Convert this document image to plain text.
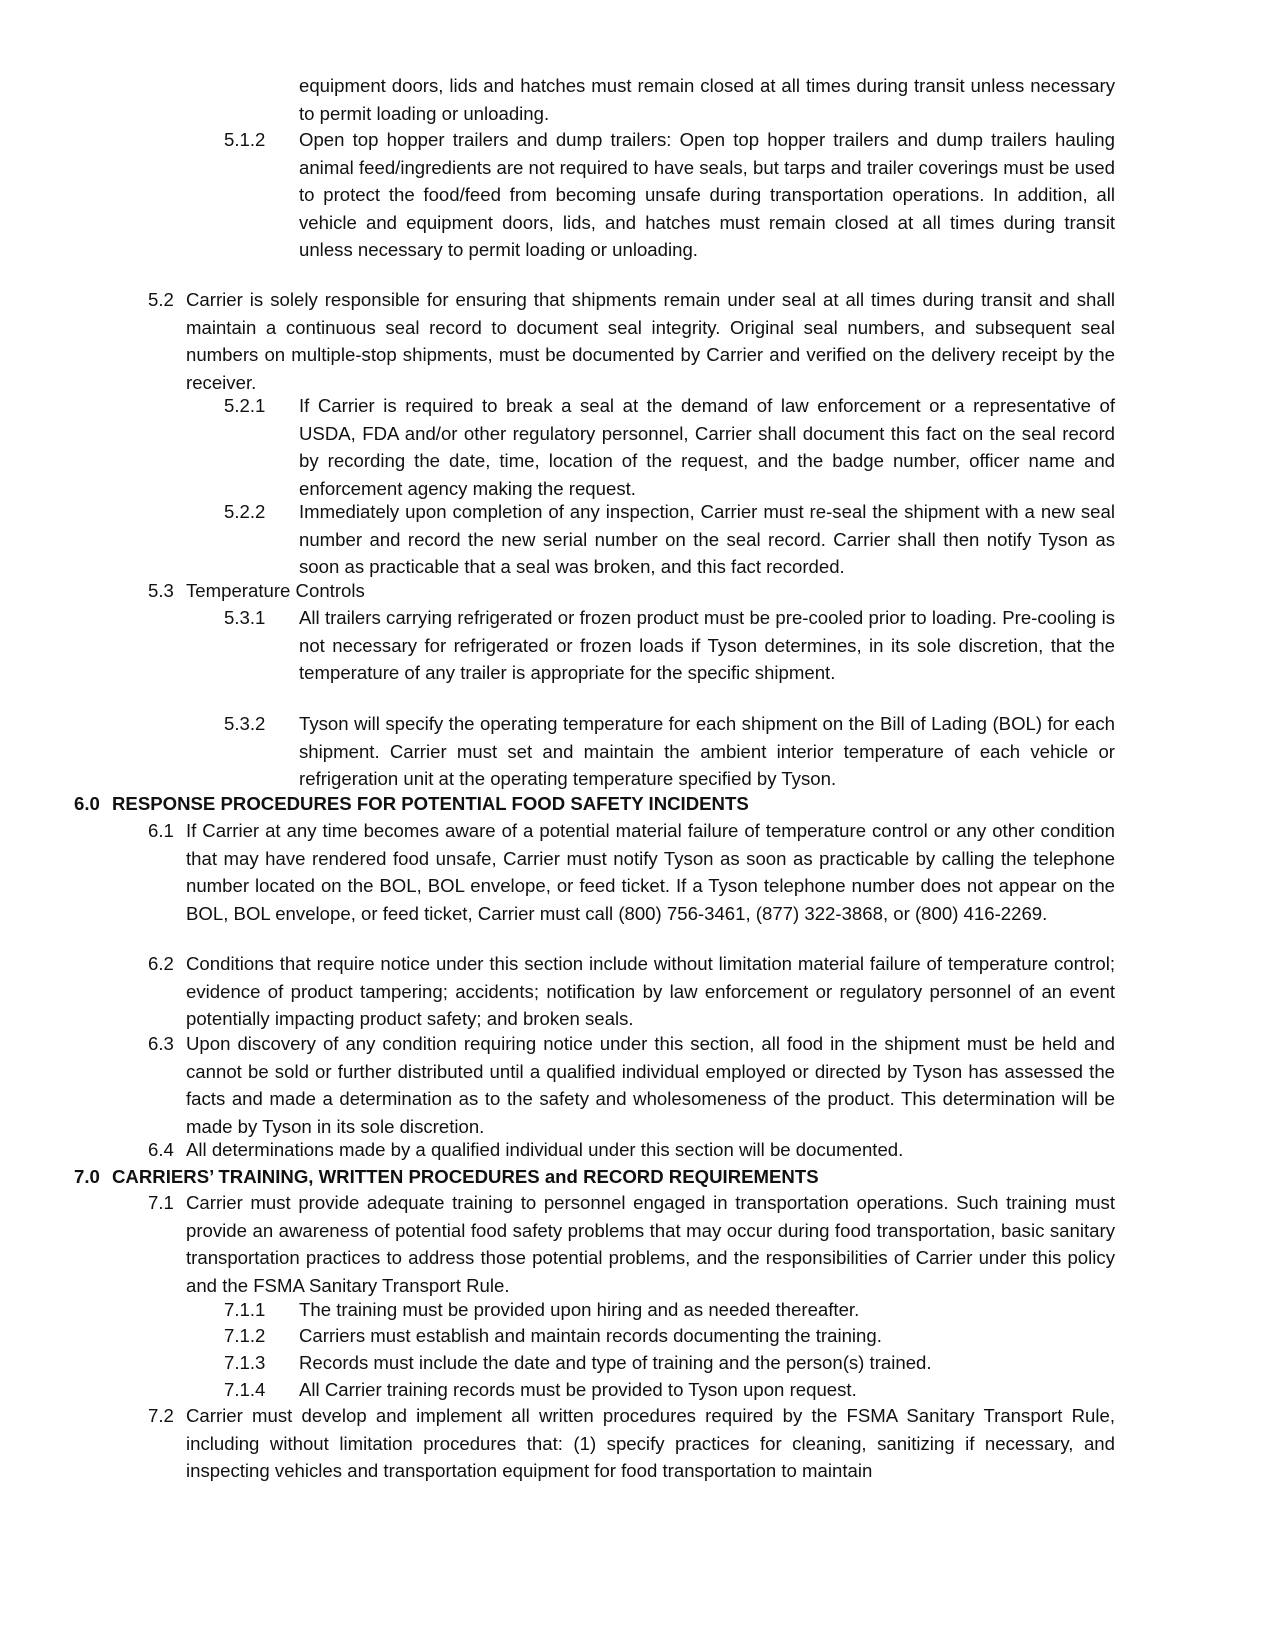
equipment doors, lids and hatches must remain closed at all times during transit unless necessary to permit loading or unloading.
5.1.2 Open top hopper trailers and dump trailers: Open top hopper trailers and dump trailers hauling animal feed/ingredients are not required to have seals, but tarps and trailer coverings must be used to protect the food/feed from becoming unsafe during transportation operations. In addition, all vehicle and equipment doors, lids, and hatches must remain closed at all times during transit unless necessary to permit loading or unloading.
5.2 Carrier is solely responsible for ensuring that shipments remain under seal at all times during transit and shall maintain a continuous seal record to document seal integrity. Original seal numbers, and subsequent seal numbers on multiple-stop shipments, must be documented by Carrier and verified on the delivery receipt by the receiver.
5.2.1 If Carrier is required to break a seal at the demand of law enforcement or a representative of USDA, FDA and/or other regulatory personnel, Carrier shall document this fact on the seal record by recording the date, time, location of the request, and the badge number, officer name and enforcement agency making the request.
5.2.2 Immediately upon completion of any inspection, Carrier must re-seal the shipment with a new seal number and record the new serial number on the seal record. Carrier shall then notify Tyson as soon as practicable that a seal was broken, and this fact recorded.
5.3 Temperature Controls
5.3.1 All trailers carrying refrigerated or frozen product must be pre-cooled prior to loading. Pre-cooling is not necessary for refrigerated or frozen loads if Tyson determines, in its sole discretion, that the temperature of any trailer is appropriate for the specific shipment.
5.3.2 Tyson will specify the operating temperature for each shipment on the Bill of Lading (BOL) for each shipment. Carrier must set and maintain the ambient interior temperature of each vehicle or refrigeration unit at the operating temperature specified by Tyson.
6.0 RESPONSE PROCEDURES FOR POTENTIAL FOOD SAFETY INCIDENTS
6.1 If Carrier at any time becomes aware of a potential material failure of temperature control or any other condition that may have rendered food unsafe, Carrier must notify Tyson as soon as practicable by calling the telephone number located on the BOL, BOL envelope, or feed ticket. If a Tyson telephone number does not appear on the BOL, BOL envelope, or feed ticket, Carrier must call (800) 756-3461, (877) 322-3868, or (800) 416-2269.
6.2 Conditions that require notice under this section include without limitation material failure of temperature control; evidence of product tampering; accidents; notification by law enforcement or regulatory personnel of an event potentially impacting product safety; and broken seals.
6.3 Upon discovery of any condition requiring notice under this section, all food in the shipment must be held and cannot be sold or further distributed until a qualified individual employed or directed by Tyson has assessed the facts and made a determination as to the safety and wholesomeness of the product. This determination will be made by Tyson in its sole discretion.
6.4 All determinations made by a qualified individual under this section will be documented.
7.0 CARRIERS’ TRAINING, WRITTEN PROCEDURES and RECORD REQUIREMENTS
7.1 Carrier must provide adequate training to personnel engaged in transportation operations. Such training must provide an awareness of potential food safety problems that may occur during food transportation, basic sanitary transportation practices to address those potential problems, and the responsibilities of Carrier under this policy and the FSMA Sanitary Transport Rule.
7.1.1 The training must be provided upon hiring and as needed thereafter.
7.1.2 Carriers must establish and maintain records documenting the training.
7.1.3 Records must include the date and type of training and the person(s) trained.
7.1.4 All Carrier training records must be provided to Tyson upon request.
7.2 Carrier must develop and implement all written procedures required by the FSMA Sanitary Transport Rule, including without limitation procedures that: (1) specify practices for cleaning, sanitizing if necessary, and inspecting vehicles and transportation equipment for food transportation to maintain
